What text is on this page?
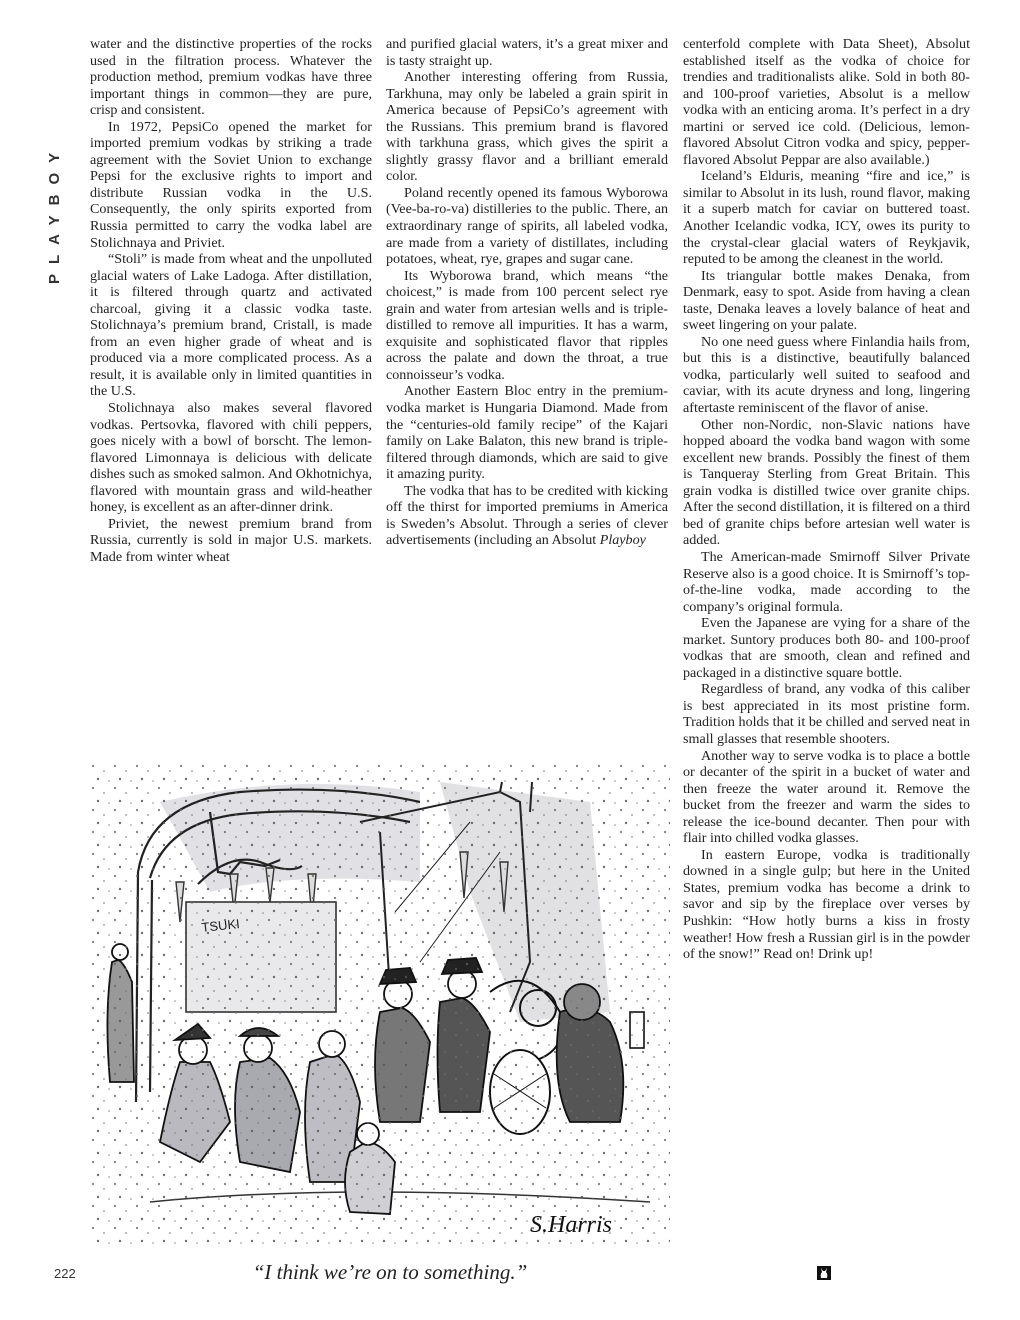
PLAYBOY

water and the distinctive properties of the rocks used in the filtration process. Whatever the production method, premium vodkas have three important things in common—they are pure, crisp and consistent.

In 1972, PepsiCo opened the market for imported premium vodkas by striking a trade agreement with the Soviet Union to exchange Pepsi for the exclusive rights to import and distribute Russian vodka in the U.S. Consequently, the only spirits exported from Russia permitted to carry the vodka label are Stolichnaya and Priviet.

“Stoli” is made from wheat and the unpolluted glacial waters of Lake Ladoga. After distillation, it is filtered through quartz and activated charcoal, giving it a classic vodka taste. Stolichnaya’s premium brand, Cristall, is made from an even higher grade of wheat and is produced via a more complicated process. As a result, it is available only in limited quantities in the U.S.

Stolichnaya also makes several flavored vodkas. Pertsovka, flavored with chili peppers, goes nicely with a bowl of borscht. The lemon-flavored Limonnaya is delicious with delicate dishes such as smoked salmon. And Okhotnichya, flavored with mountain grass and wild-heather honey, is excellent as an after-dinner drink.

Priviet, the newest premium brand from Russia, currently is sold in major U.S. markets. Made from winter wheat

and purified glacial waters, it’s a great mixer and is tasty straight up.

Another interesting offering from Russia, Tarkhuna, may only be labeled a grain spirit in America because of PepsiCo’s agreement with the Russians. This premium brand is flavored with tarkhuna grass, which gives the spirit a slightly grassy flavor and a brilliant emerald color.

Poland recently opened its famous Wyborowa (Vee-ba-ro-va) distilleries to the public. There, an extraordinary range of spirits, all labeled vodka, are made from a variety of distillates, including potatoes, wheat, rye, grapes and sugar cane.

Its Wyborowa brand, which means “the choicest,” is made from 100 percent select rye grain and water from artesian wells and is triple-distilled to remove all impurities. It has a warm, exquisite and sophisticated flavor that ripples across the palate and down the throat, a true connoisseur’s vodka.

Another Eastern Bloc entry in the premium-vodka market is Hungaria Diamond. Made from the “centuries-old family recipe” of the Kajari family on Lake Balaton, this new brand is triple-filtered through diamonds, which are said to give it amazing purity.

The vodka that has to be credited with kicking off the thirst for imported premiums in America is Sweden’s Absolut. Through a series of clever advertisements (including an Absolut Playboy

centerfold complete with Data Sheet), Absolut established itself as the vodka of choice for trendies and traditionalists alike. Sold in both 80- and 100-proof varieties, Absolut is a mellow vodka with an enticing aroma. It’s perfect in a dry martini or served ice cold. (Delicious, lemon-flavored Absolut Citron vodka and spicy, pepper-flavored Absolut Peppar are also available.)

Iceland’s Elduris, meaning “fire and ice,” is similar to Absolut in its lush, round flavor, making it a superb match for caviar on buttered toast. Another Icelandic vodka, ICY, owes its purity to the crystal-clear glacial waters of Reykjavik, reputed to be among the cleanest in the world.

Its triangular bottle makes Denaka, from Denmark, easy to spot. Aside from having a clean taste, Denaka leaves a lovely balance of heat and sweet lingering on your palate.

No one need guess where Finlandia hails from, but this is a distinctive, beautifully balanced vodka, particularly well suited to seafood and caviar, with its acute dryness and long, lingering aftertaste reminiscent of the flavor of anise.

Other non-Nordic, non-Slavic nations have hopped aboard the vodka band wagon with some excellent new brands. Possibly the finest of them is Tanqueray Sterling from Great Britain. This grain vodka is distilled twice over granite chips. After the second distillation, it is filtered on a third bed of granite chips before artesian well water is added.

The American-made Smirnoff Silver Private Reserve also is a good choice. It is Smirnoff’s top-of-the-line vodka, made according to the company’s original formula.

Even the Japanese are vying for a share of the market. Suntory produces both 80- and 100-proof vodkas that are smooth, clean and refined and packaged in a distinctive square bottle.

Regardless of brand, any vodka of this caliber is best appreciated in its most pristine form. Tradition holds that it be chilled and served neat in small glasses that resemble shooters.

Another way to serve vodka is to place a bottle or decanter of the spirit in a bucket of water and then freeze the water around it. Remove the bucket from the freezer and warm the sides to release the ice-bound decanter. Then pour with flair into chilled vodka glasses.

In eastern Europe, vodka is traditionally downed in a single gulp; but here in the United States, premium vodka has become a drink to savor and sip by the fireplace over verses by Pushkin: “How hotly burns a kiss in frosty weather! How fresh a Russian girl is in the powder of the snow!” Read on! Drink up!

S.Harris
“I think we’re on to something.”
222
